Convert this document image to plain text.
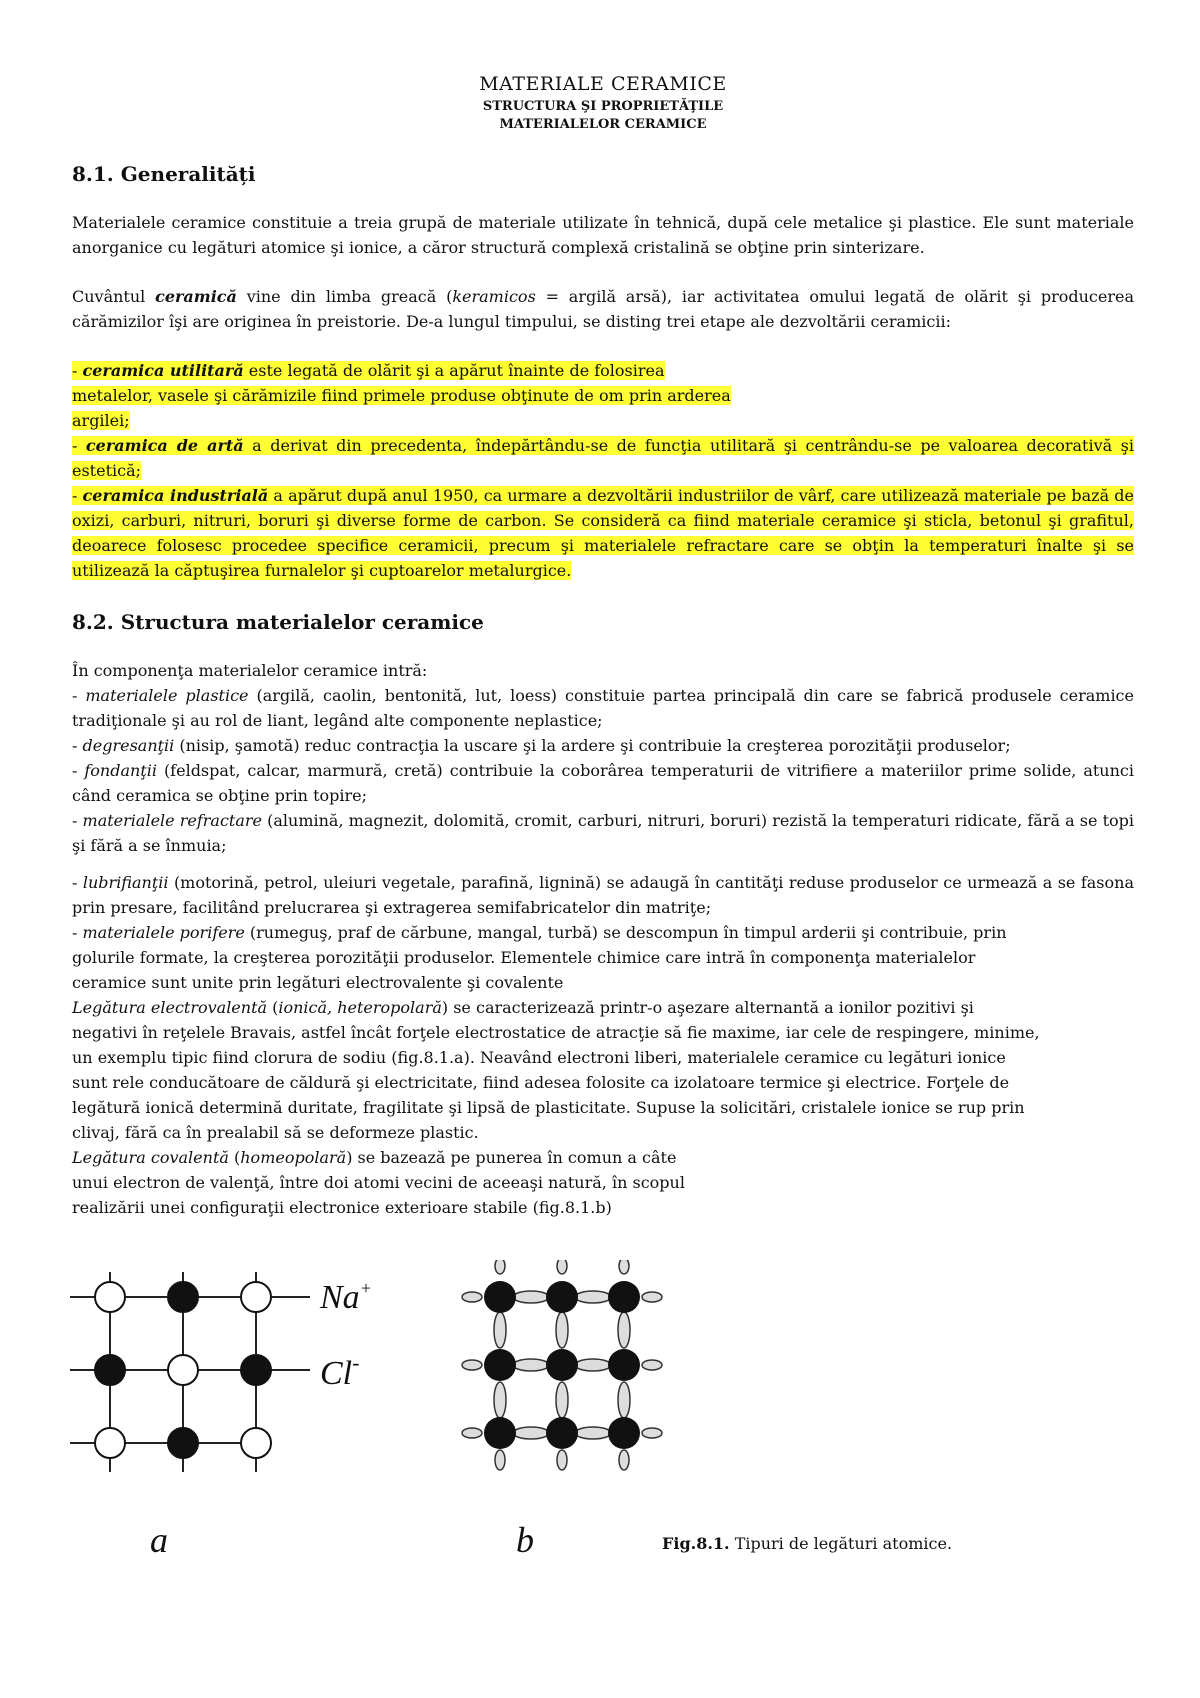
MATERIALE CERAMICE

STRUCTURA ŞI PROPRIETĂŢILE

MATERIALELOR CERAMICE

8.1. Generalități

Materialele ceramice constituie a treia grupă de materiale utilizate în tehnică, după cele metalice şi plastice. Ele sunt materiale anorganice cu legături atomice şi ionice, a căror structură complexă cristalină se obţine prin sinterizare.

Cuvântul ceramică vine din limba greacă (keramicos = argilă arsă), iar activitatea omului legată de olărit şi producerea cărămizilor îşi are originea în preistorie. De-a lungul timpului, se disting trei etape ale dezvoltării ceramicii:

- ceramica utilitară este legată de olărit şi a apărut înainte de folosirea
metalelor, vasele şi cărămizile fiind primele produse obţinute de om prin arderea
argilei;
- ceramica de artă a derivat din precedenta, îndepărtându-se de funcţia utilitară şi centrându-se pe valoarea decorativă şi estetică;
- ceramica industrială a apărut după anul 1950, ca urmare a dezvoltării industriilor de vârf, care utilizează materiale pe bază de oxizi, carburi, nitruri, boruri şi diverse forme de carbon. Se consideră ca fiind materiale ceramice şi sticla, betonul şi grafitul, deoarece folosesc procedee specifice ceramicii, precum şi materialele refractare care se obţin la temperaturi înalte şi se utilizează la căptuşirea furnalelor şi cuptoarelor metalurgice.
8.2. Structura materialelor ceramice
În componenţa materialelor ceramice intră:
- materialele plastice (argilă, caolin, bentonită, lut, loess) constituie partea principală din care se fabrică produsele ceramice tradiţionale şi au rol de liant, legând alte componente neplastice;
- degresanţii (nisip, şamotă) reduc contracţia la uscare şi la ardere şi contribuie la creşterea porozităţii produselor;
- fondanţii (feldspat, calcar, marmură, cretă) contribuie la coborârea temperaturii de vitrifiere a materiilor prime solide, atunci când ceramica se obţine prin topire;
- materialele refractare (alumină, magnezit, dolomită, cromit, carburi, nitruri, boruri) rezistă la temperaturi ridicate, fără a se topi şi fără a se înmuia;
- lubrifianţii (motorină, petrol, uleiuri vegetale, parafină, lignină) se adaugă în cantităţi reduse produselor ce urmează a se fasona prin presare, facilitând prelucrarea şi extragerea semifabricatelor din matriţe;
- materialele porifere (rumeguş, praf de cărbune, mangal, turbă) se descompun în timpul arderii şi contribuie, prin
golurile formate, la creşterea porozităţii produselor. Elementele chimice care intră în componenţa materialelor
ceramice sunt unite prin legături electrovalente şi covalente
Legătura electrovalentă (ionică, heteropolară) se caracterizează printr-o aşezare alternantă a ionilor pozitivi şi
negativi în reţelele Bravais, astfel încât forţele electrostatice de atracţie să fie maxime, iar cele de respingere, minime,
un exemplu tipic fiind clorura de sodiu (fig.8.1.a). Neavând electroni liberi, materialele ceramice cu legături ionice
sunt rele conducătoare de căldură şi electricitate, fiind adesea folosite ca izolatoare termice şi electrice. Forţele de
legătură ionică determină duritate, fragilitate şi lipsă de plasticitate. Supuse la solicitări, cristalele ionice se rup prin
clivaj, fără ca în prealabil să se deformeze plastic.
Legătura covalentă (homeopolară) se bazează pe punerea în comun a câte
unui electron de valenţă, între doi atomi vecini de aceeaşi natură, în scopul
realizării unei configuraţii electronice exterioare stabile (fig.8.1.b)
Na+
Cl-
a	b	Fig.8.1. Tipuri de legături atomice.
